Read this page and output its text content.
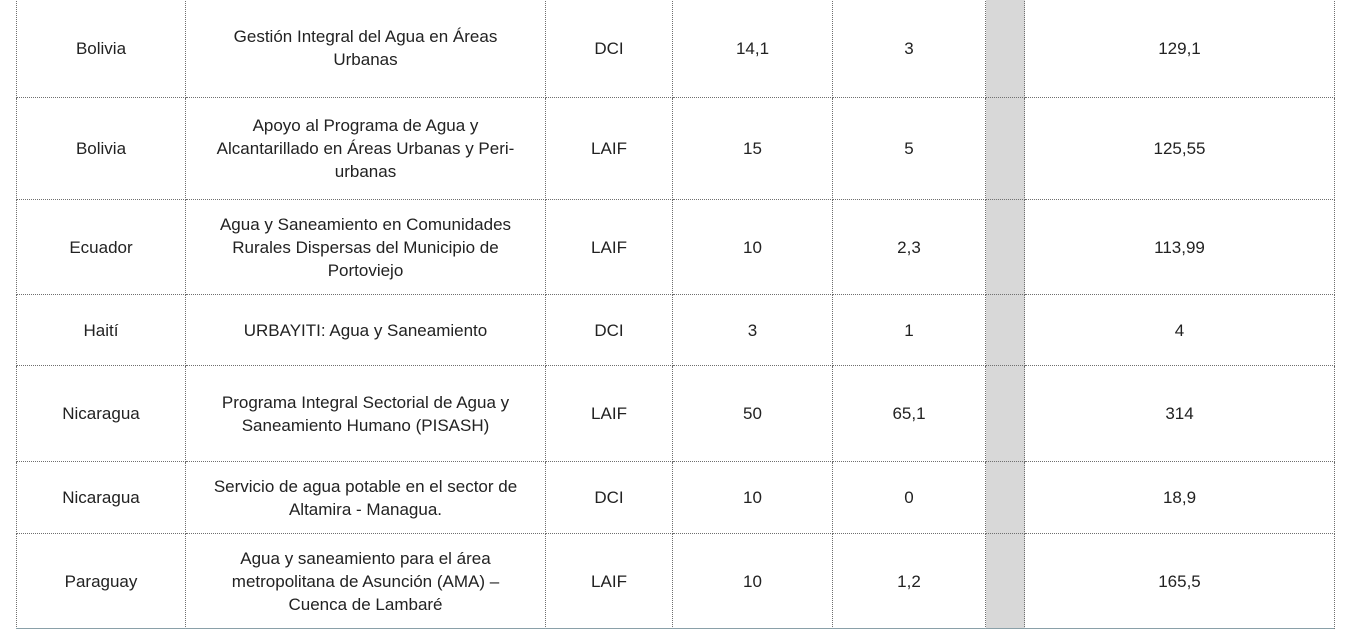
Bolivia	Gestión Integral del Agua en Áreas Urbanas	DCI	14,1	3		129,1
Bolivia	Apoyo al Programa de Agua y Alcantarillado en Áreas Urbanas y Peri-urbanas	LAIF	15	5		125,55
Ecuador	Agua y Saneamiento en Comunidades Rurales Dispersas del Municipio de Portoviejo	LAIF	10	2,3		113,99
Haití	URBAYITI: Agua y Saneamiento	DCI	3	1		4
Nicaragua	Programa Integral Sectorial de Agua y Saneamiento Humano (PISASH)	LAIF	50	65,1		314
Nicaragua	Servicio de agua potable en el sector de Altamira - Managua.	DCI	10	0		18,9
Paraguay	Agua y saneamiento para el área metropolitana de Asunción (AMA) – Cuenca de Lambaré	LAIF	10	1,2		165,5
